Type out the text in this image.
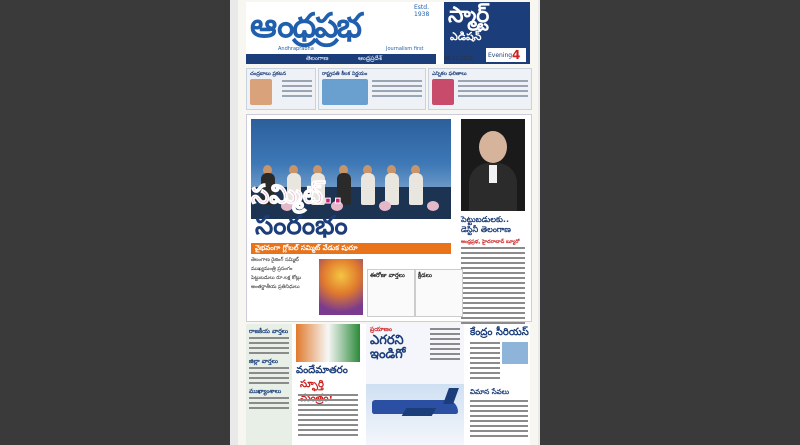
ఆంధ్రప్రభ	Estd. 1938
Andhraprabha	Journalism first
స్మార్ట్
ఎడిషన్
Evening 4
తెలంగాణ	ఆంధ్రప్రదేశ్	08-12-2025
చంద్రబాబు ప్రకటన	రాష్ట్రపతి కీలక నిర్ణయం	ఎన్నికల ఫలితాలు
సమ్మిట్..
సంరంభం
వైభవంగా గ్లోబల్ సమ్మిట్ వేడుక షురూ
పెట్టుబడులకు.. డెస్టినీ తెలంగాణ
ఆంధ్రప్రభ, హైదరాబాద్ బ్యూరో

తెలంగాణ రైజింగ్ సమ్మిట్

ముఖ్యమంత్రి ప్రసంగం

పెట్టుబడులు రూ.లక్ష కోట్లు

అంతర్జాతీయ ప్రతినిధులు

ఈరోజు వార్తలు క్రీడలు
రాజకీయ వార్తలు
జిల్లా వార్తలు
ముఖ్యాంశాలు
వందేమాతరం
స్ఫూర్తి
ప్రయాణం
ఎగరని ఇండిగో
కేంద్రం సీరియస్
విమాన సేవలు
